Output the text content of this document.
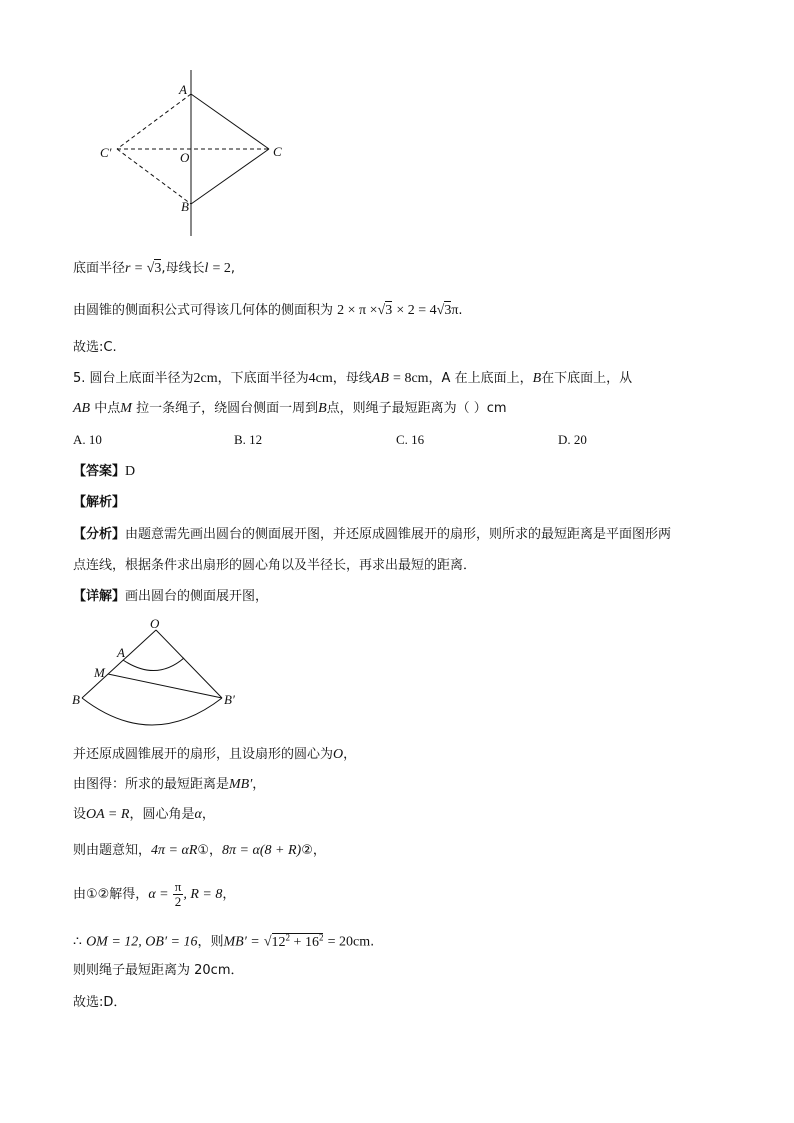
A
C
C′	O
B
底面半径r = √3,母线长l = 2,
由圆锥的侧面积公式可得该几何体的侧面积为 2 × π ×√3 × 2 = 4√3π.
故选:C.
5. 圆台上底面半径为2cm，下底面半径为4cm，母线AB = 8cm，A 在上底面上，B在下底面上，从
AB 中点M 拉一条绳子，绕圆台侧面一周到B点，则绳子最短距离为（ ）cm
A. 10	B. 12	C. 16	D. 20
【答案】D
【解析】
【分析】由题意需先画出圆台的侧面展开图，并还原成圆锥展开的扇形，则所求的最短距离是平面图形两
点连线，根据条件求出扇形的圆心角以及半径长，再求出最短的距离．
【详解】画出圆台的侧面展开图，
O
A
M
B	B′
并还原成圆锥展开的扇形，且设扇形的圆心为O，
由图得：所求的最短距离是MB′，
设OA = R，圆心角是α，
则由题意知，4π = αR①，8π = α(8 + R)②，
由①②解得，$\alpha = \frac{\pi}{2}$ , R = 8，
∴ OM = 12, OB′ = 16，则$MB' = √12^2 + 16^2 = 20cm$.
则则绳子最短距离为 20cm．
故选:D．
